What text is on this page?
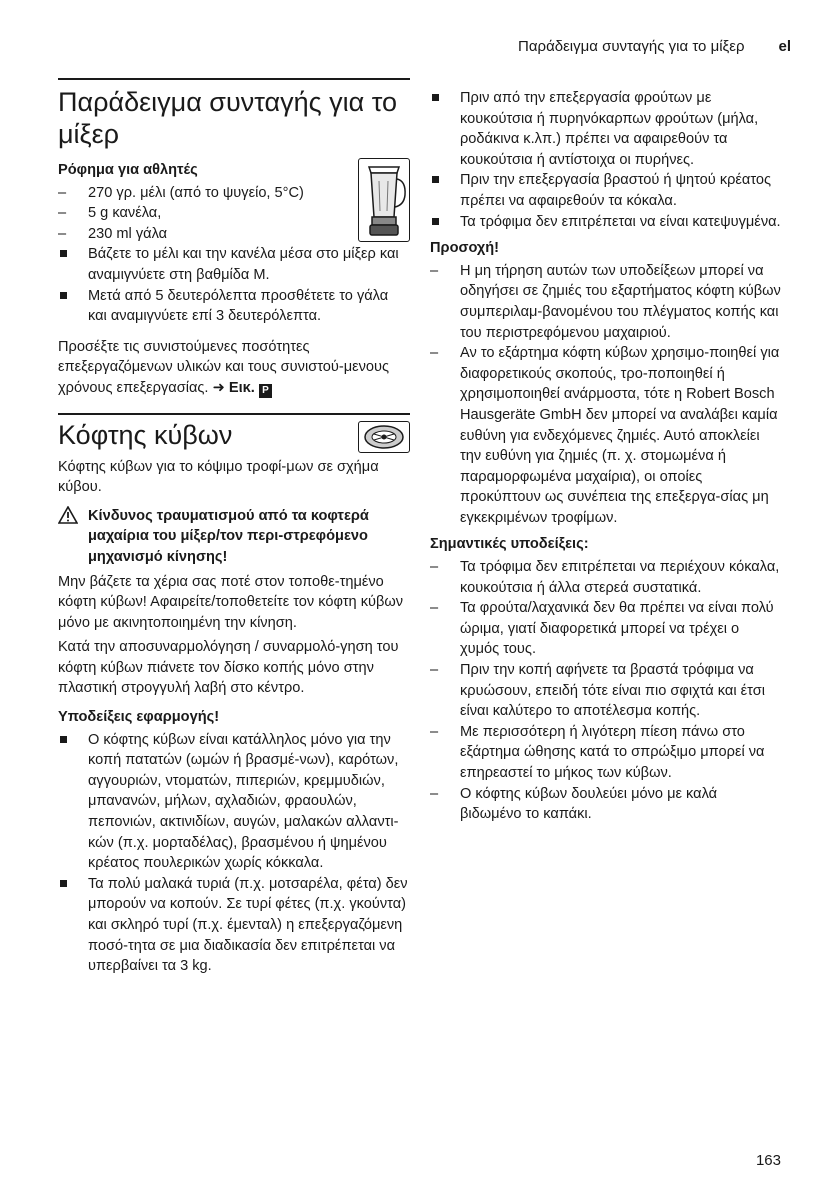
Παράδειγμα συνταγής για το μίξερ el
Παράδειγμα συνταγής για το μίξερ
Ρόφημα για αθλητές
–	270 γρ. μέλι (από το ψυγείο, 5°C)
–	5 g κανέλα,
–	230 ml γάλα
Βάζετε το μέλι και την κανέλα μέσα στο μίξερ και αναμιγνύετε στη βαθμίδα Μ.
Μετά από 5 δευτερόλεπτα προσθέτετε το γάλα και αναμιγνύετε επί 3 δευτερόλεπτα.

Προσέξτε τις συνιστούμενες ποσότητες επεξεργαζόμενων υλικών και τους συνιστού-μενους χρόνους επεξεργασίας. ➜ Εικ. P

Κόφτης κύβων

Κόφτης κύβων για το κόψιμο τροφί-μων σε σχήμα κύβου.

Κίνδυνος τραυματισμού από τα κοφτερά μαχαίρια του μίξερ/τον περι-στρεφόμενο μηχανισμό κίνησης!

Μην βάζετε τα χέρια σας ποτέ στον τοποθε-τημένο κόφτη κύβων! Αφαιρείτε/τοποθετείτε τον κόφτη κύβων μόνο με ακινητοποιημένη την κίνηση.

Κατά την αποσυναρμολόγηση / συναρμολό-γηση του κόφτη κύβων πιάνετε τον δίσκο κοπής μόνο στην πλαστική στρογγυλή λαβή στο κέντρο.

Υποδείξεις εφαρμογής!
Ο κόφτης κύβων είναι κατάλληλος μόνο για την κοπή πατατών (ωμών ή βρασμέ-νων), καρότων, αγγουριών, ντοματών, πιπεριών, κρεμμυδιών, μπανανών, μήλων, αχλαδιών, φραουλών, πεπονιών, ακτινιδίων, αυγών, μαλακών αλλαντι-κών (π.χ. μορταδέλας), βρασμένου ή ψημένου κρέατος πουλερικών χωρίς κόκκαλα.
Τα πολύ μαλακά τυριά (π.χ. μοτσαρέλα, φέτα) δεν μπορούν να κοπούν. Σε τυρί φέτες (π.χ. γκούντα) και σκληρό τυρί (π.χ. έμενταλ) η επεξεργαζόμενη ποσό-τητα σε μια διαδικασία δεν επιτρέπεται να υπερβαίνει τα 3 kg.
Πριν από την επεξεργασία φρούτων με κουκούτσια ή πυρηνόκαρπων φρούτων (μήλα, ροδάκινα κ.λπ.) πρέπει να αφαιρεθούν τα κουκούτσια ή αντίστοιχα οι πυρήνες.
Πριν την επεξεργασία βραστού ή ψητού κρέατος πρέπει να αφαιρεθούν τα κόκαλα.
Τα τρόφιμα δεν επιτρέπεται να είναι κατεψυγμένα.
Προσοχή!
–	Η μη τήρηση αυτών των υποδείξεων μπορεί να οδηγήσει σε ζημιές του εξαρτήματος κόφτη κύβων συμπεριλαμ-βανομένου του πλέγματος κοπής και του περιστρεφόμενου μαχαιριού.
–	Αν το εξάρτημα κόφτη κύβων χρησιμο-ποιηθεί για διαφορετικούς σκοπούς, τρο-ποποιηθεί ή χρησιμοποιηθεί ανάρμοστα, τότε η Robert Bosch Hausgeräte GmbH δεν μπορεί να αναλάβει καμία ευθύνη για ενδεχόμενες ζημιές. Αυτό αποκλείει την ευθύνη για ζημιές (π. χ. στομωμένα ή παραμορφωμένα μαχαίρια), οι οποίες προκύπτουν ως συνέπεια της επεξεργα-σίας μη εγκεκριμένων τροφίμων.
Σημαντικές υποδείξεις:
–	Τα τρόφιμα δεν επιτρέπεται να περιέχουν κόκαλα, κουκούτσια ή άλλα στερεά συστατικά.
–	Τα φρούτα/λαχανικά δεν θα πρέπει να είναι πολύ ώριμα, γιατί διαφορετικά μπορεί να τρέχει ο χυμός τους.
–	Πριν την κοπή αφήνετε τα βραστά τρόφιμα να κρυώσουν, επειδή τότε είναι πιο σφιχτά και έτσι είναι καλύτερο το αποτέλεσμα κοπής.
–	Με περισσότερη ή λιγότερη πίεση πάνω στο εξάρτημα ώθησης κατά το σπρώξιμο μπορεί να επηρεαστεί το μήκος των κύβων.
–	Ο κόφτης κύβων δουλεύει μόνο με καλά βιδωμένο το καπάκι.
163
